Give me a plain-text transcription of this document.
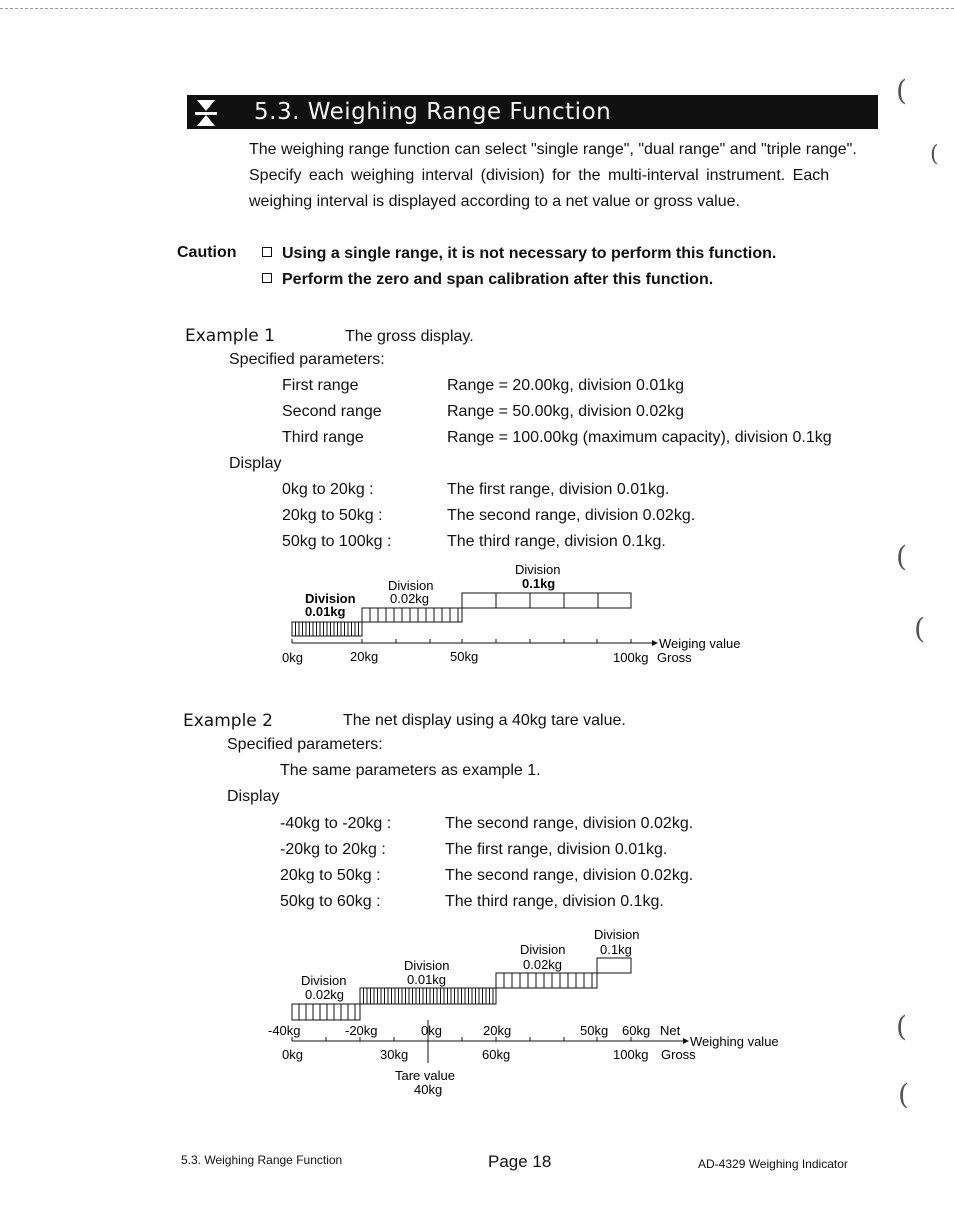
5.3. Weighing Range Function
The weighing range function can select "single range", "dual range" and "triple range".
Specify each weighing interval (division) for the multi-interval instrument. Each
weighing interval is displayed according to a net value or gross value.
Caution	Using a single range, it is not necessary to perform this function.
Perform the zero and span calibration after this function.
Example 1	The gross display.
Specified parameters:
First range	Range = 20.00kg, division 0.01kg
Second range	Range = 50.00kg, division 0.02kg
Third range	Range = 100.00kg (maximum capacity), division 0.1kg
Display
0kg to 20kg :	The first range, division 0.01kg.
20kg to 50kg :	The second range, division 0.02kg.
50kg to 100kg :	The third range, division 0.1kg.
Division
0.01kg
Division
0.02kg
Division
0.1kg
Weiging value
0kg	20kg	50kg	100kg Gross
Example 2	The net display using a 40kg tare value.
Specified parameters:
The same parameters as example 1.
Display
-40kg to -20kg :	The second range, division 0.02kg.
-20kg to 20kg :	The first range, division 0.01kg.
20kg to 50kg :	The second range, division 0.02kg.
50kg to 60kg :	The third range, division 0.1kg.
Division
0.02kg
Division
0.01kg
Division
0.02kg
Division
0.1kg
-40kg	-20kg	0kg	20kg	50kg 60kg Net
Weighing value
0kg	30kg	60kg	100kg Gross
Tare value
40kg
5.3. Weighing Range Function	Page 18	AD-4329 Weighing Indicator
(
(
(
(
(
(
